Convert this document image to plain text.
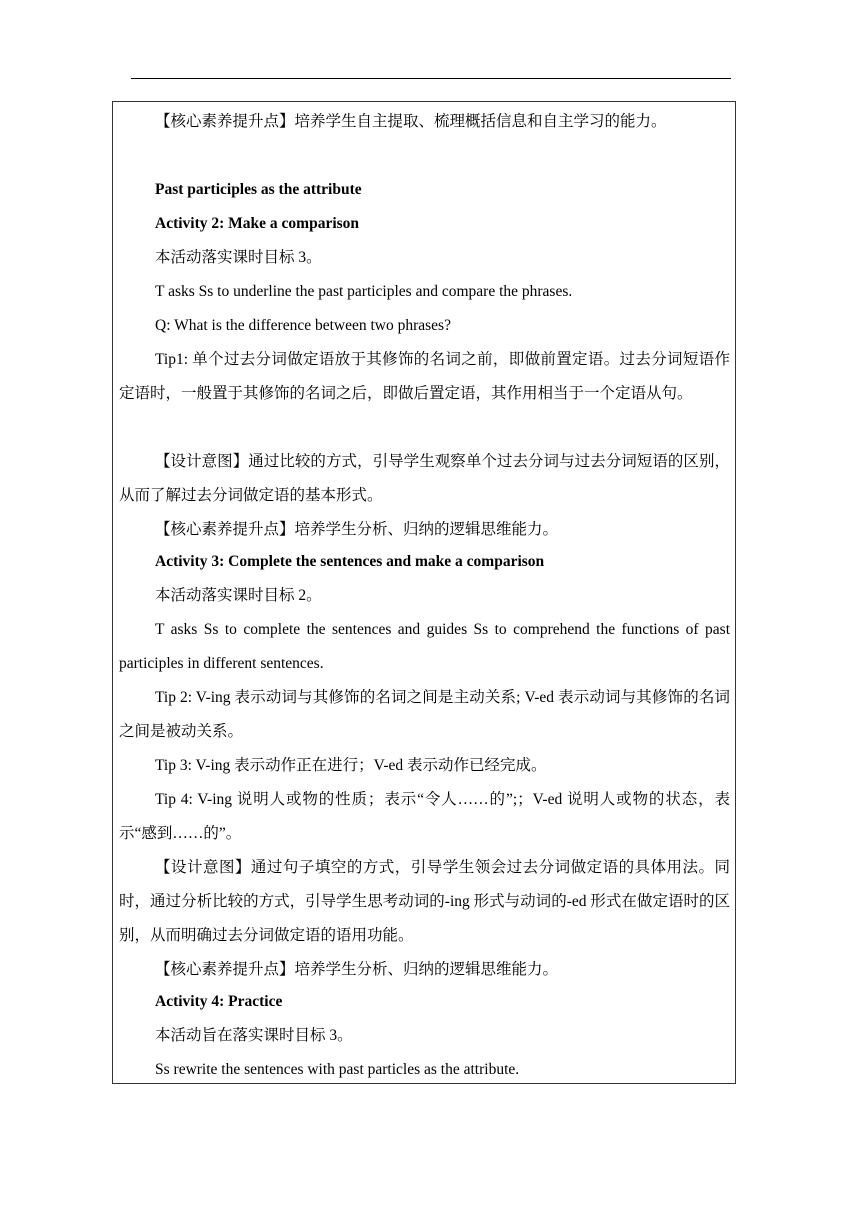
【核心素养提升点】培养学生自主提取、梳理概括信息和自主学习的能力。
Past participles as the attribute
Activity 2: Make a comparison
本活动落实课时目标 3。
T asks Ss to underline the past participles and compare the phrases.
Q: What is the difference between two phrases?
Tip1: 单个过去分词做定语放于其修饰的名词之前，即做前置定语。过去分词短语作定语时，一般置于其修饰的名词之后，即做后置定语，其作用相当于一个定语从句。
【设计意图】通过比较的方式，引导学生观察单个过去分词与过去分词短语的区别，从而了解过去分词做定语的基本形式。
【核心素养提升点】培养学生分析、归纳的逻辑思维能力。
Activity 3: Complete the sentences and make a comparison
本活动落实课时目标 2。
T asks Ss to complete the sentences and guides Ss to comprehend the functions of past participles in different sentences.
Tip 2: V-ing 表示动词与其修饰的名词之间是主动关系; V-ed 表示动词与其修饰的名词之间是被动关系。
Tip 3: V-ing 表示动作正在进行；V-ed 表示动作已经完成。
Tip 4: V-ing 说明人或物的性质；表示“令人……的”;；V-ed 说明人或物的状态，表示“感到……的”。
【设计意图】通过句子填空的方式，引导学生领会过去分词做定语的具体用法。同时，通过分析比较的方式，引导学生思考动词的-ing 形式与动词的-ed 形式在做定语时的区别，从而明确过去分词做定语的语用功能。
【核心素养提升点】培养学生分析、归纳的逻辑思维能力。
Activity 4: Practice
本活动旨在落实课时目标 3。
Ss rewrite the sentences with past particles as the attribute.
